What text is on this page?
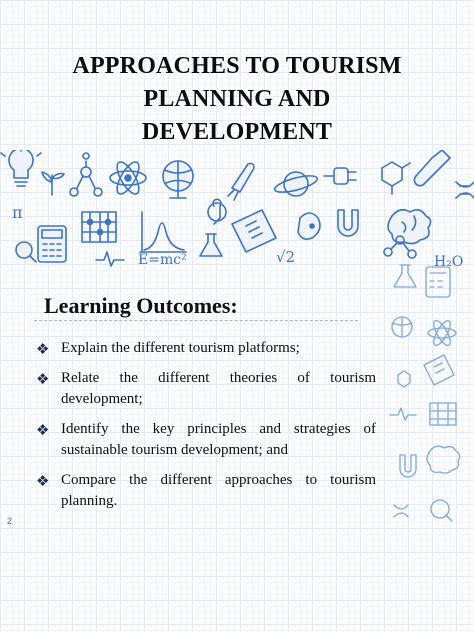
APPROACHES TO TOURISM
PLANNING AND
DEVELOPMENT
π
E=mc²	√2	H₂O
Learning Outcomes:
❖ Explain the different tourism platforms;
❖ Relate the different theories of tourism development;
❖ Identify the key principles and strategies of sustainable tourism development; and
❖ Compare the different approaches to tourism planning.
2
